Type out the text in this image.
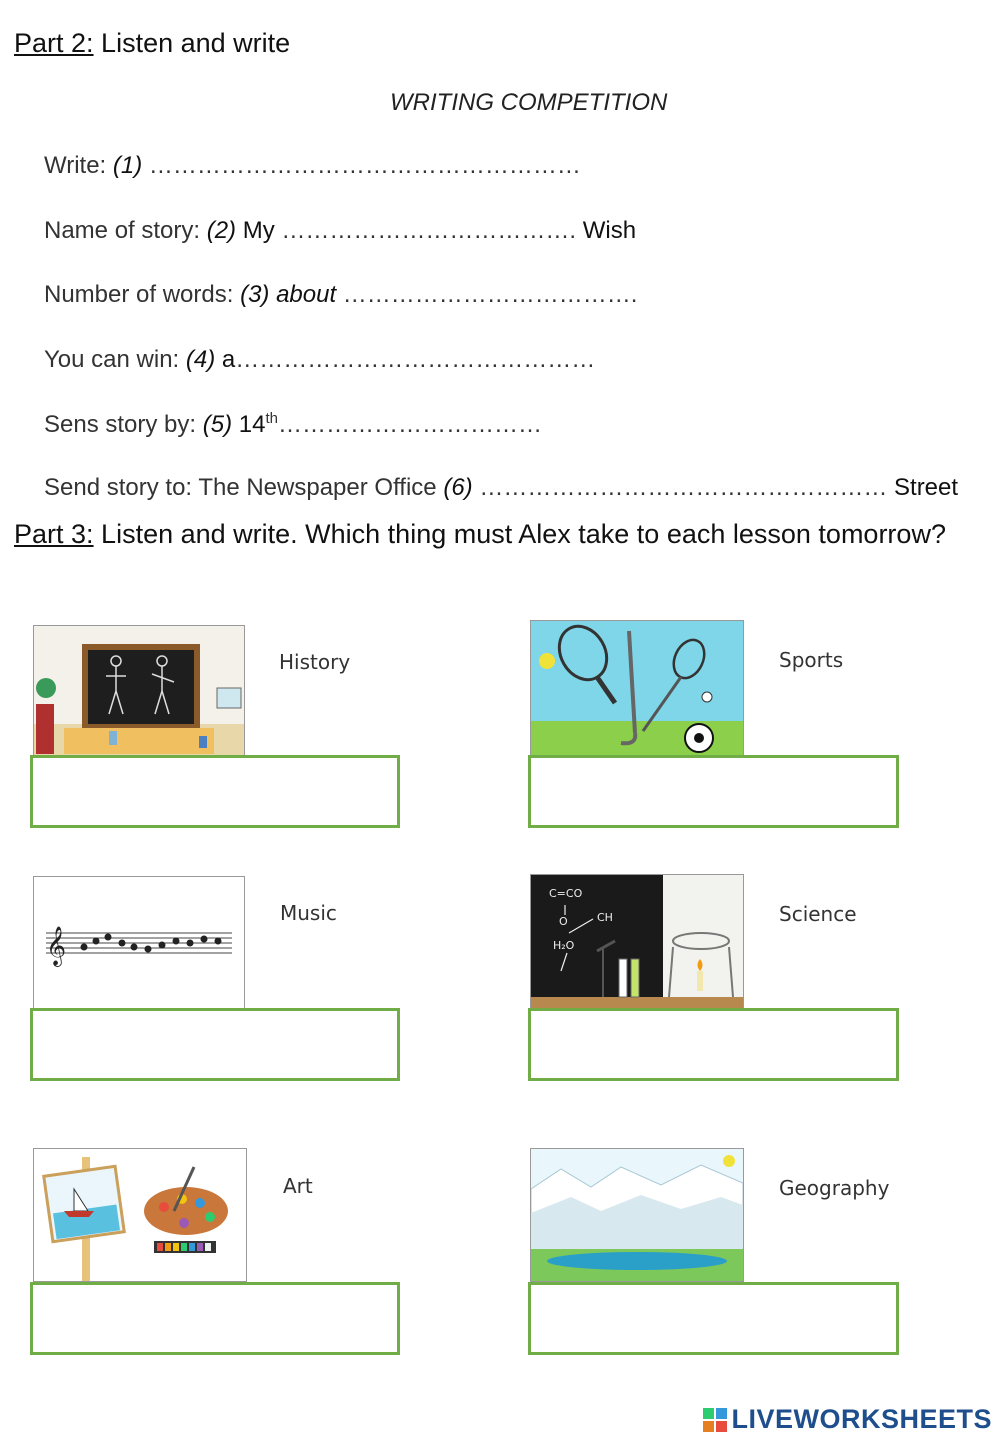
Part 2: Listen and write
WRITING COMPETITION
Write: (1) ………………………………………………
Name of story: (2) My ………………………………. Wish
Number of words: (3) about ……………………………….
You can win: (4) a………………………………………
Sens story by: (5) 14th……………………………
Send story to: The Newspaper Office (6) …………………………………………… Street
Part 3: Listen and write. Which thing must Alex take to each lesson tomorrow?
History	Sports
𝄞
Music
C=CO
O
H₂O
CH	Science
Art	Geography
LIVEWORKSHEETS
